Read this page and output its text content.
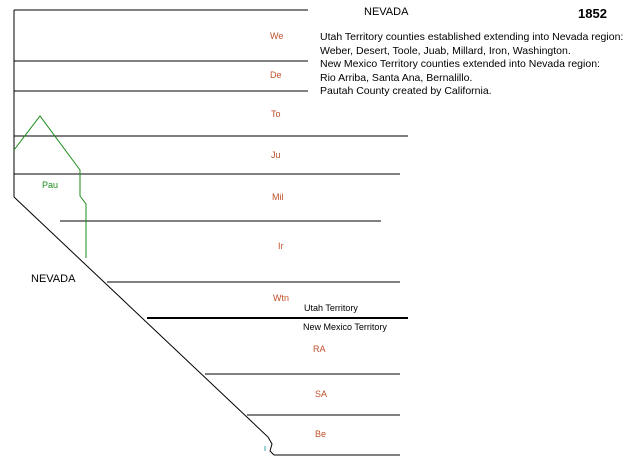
NEVADA	1852
Utah Territory counties established extending into Nevada region:
Weber, Desert, Toole, Juab, Millard, Iron, Washington.
New Mexico Territory counties extended into Nevada region:
Rio Arriba, Santa Ana, Bernalillo.
Pautah County created by California.
We
De
To
Ju
Mil
Ir
Wtn
RA
SA
Be
Pau
NEVADA
Utah Territory
New Mexico Territory
